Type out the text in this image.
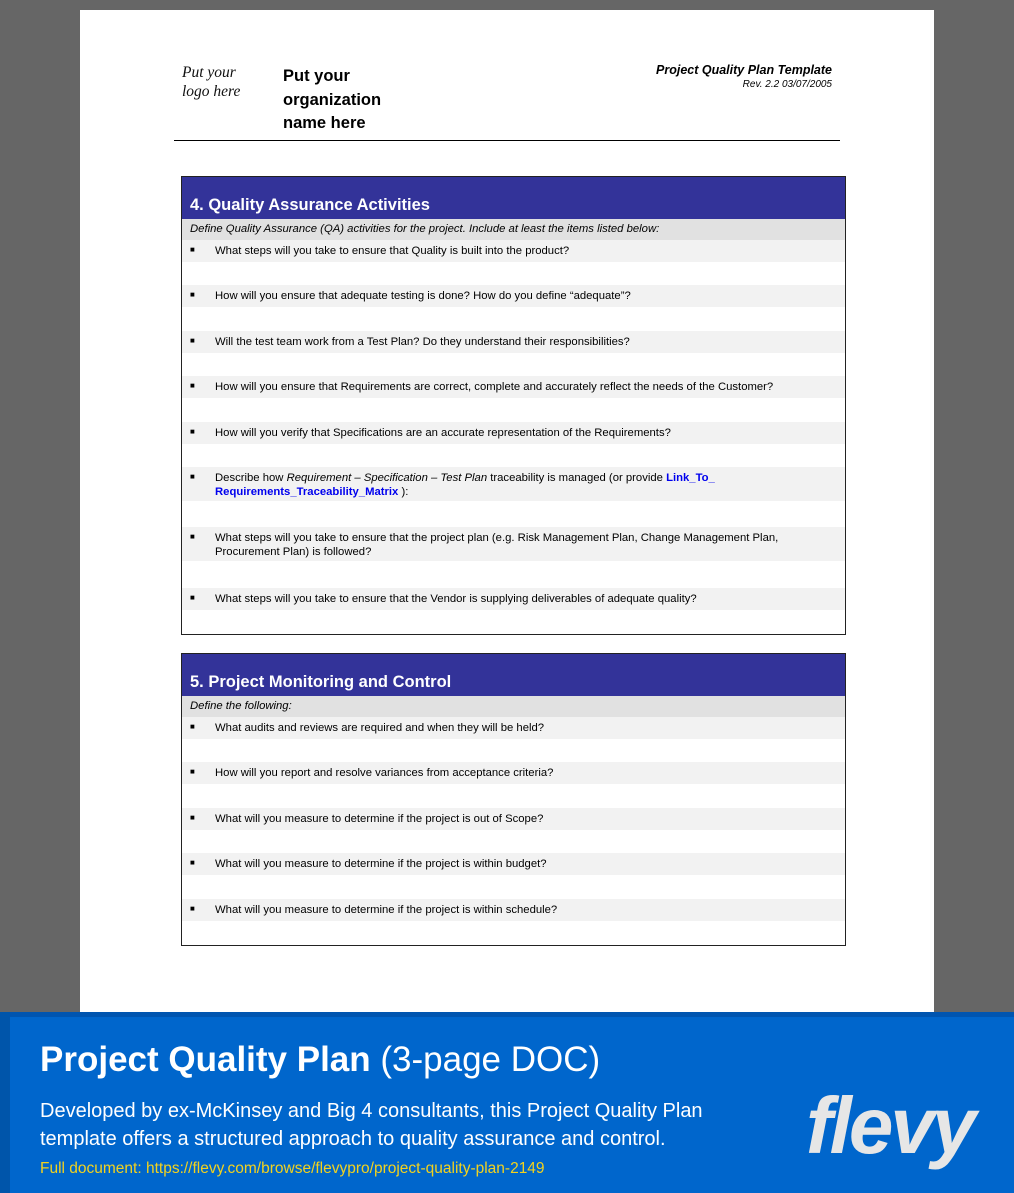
Put your logo here
Put your organization name here
Project Quality Plan Template
Rev. 2.2 03/07/2005
4. Quality Assurance Activities
Define Quality Assurance (QA) activities for the project. Include at least the items listed below:
■ What steps will you take to ensure that Quality is built into the product?
■ How will you ensure that adequate testing is done? How do you define “adequate”?
■ Will the test team work from a Test Plan? Do they understand their responsibilities?
■ How will you ensure that Requirements are correct, complete and accurately reflect the needs of the Customer?
■ How will you verify that Specifications are an accurate representation of the Requirements?
■ Describe how Requirement – Specification – Test Plan traceability is managed (or provide Link_To_ Requirements_Traceability_Matrix ):
■ What steps will you take to ensure that the project plan (e.g. Risk Management Plan, Change Management Plan, Procurement Plan) is followed?
■ What steps will you take to ensure that the Vendor is supplying deliverables of adequate quality?
5. Project Monitoring and Control
Define the following:
■ What audits and reviews are required and when they will be held?
■ How will you report and resolve variances from acceptance criteria?
■ What will you measure to determine if the project is out of Scope?
■ What will you measure to determine if the project is within budget?
■ What will you measure to determine if the project is within schedule?
Project Quality Plan (3-page DOC)
Developed by ex-McKinsey and Big 4 consultants, this Project Quality Plan template offers a structured approach to quality assurance and control.
Full document: https://flevy.com/browse/flevypro/project-quality-plan-2149	flevy
